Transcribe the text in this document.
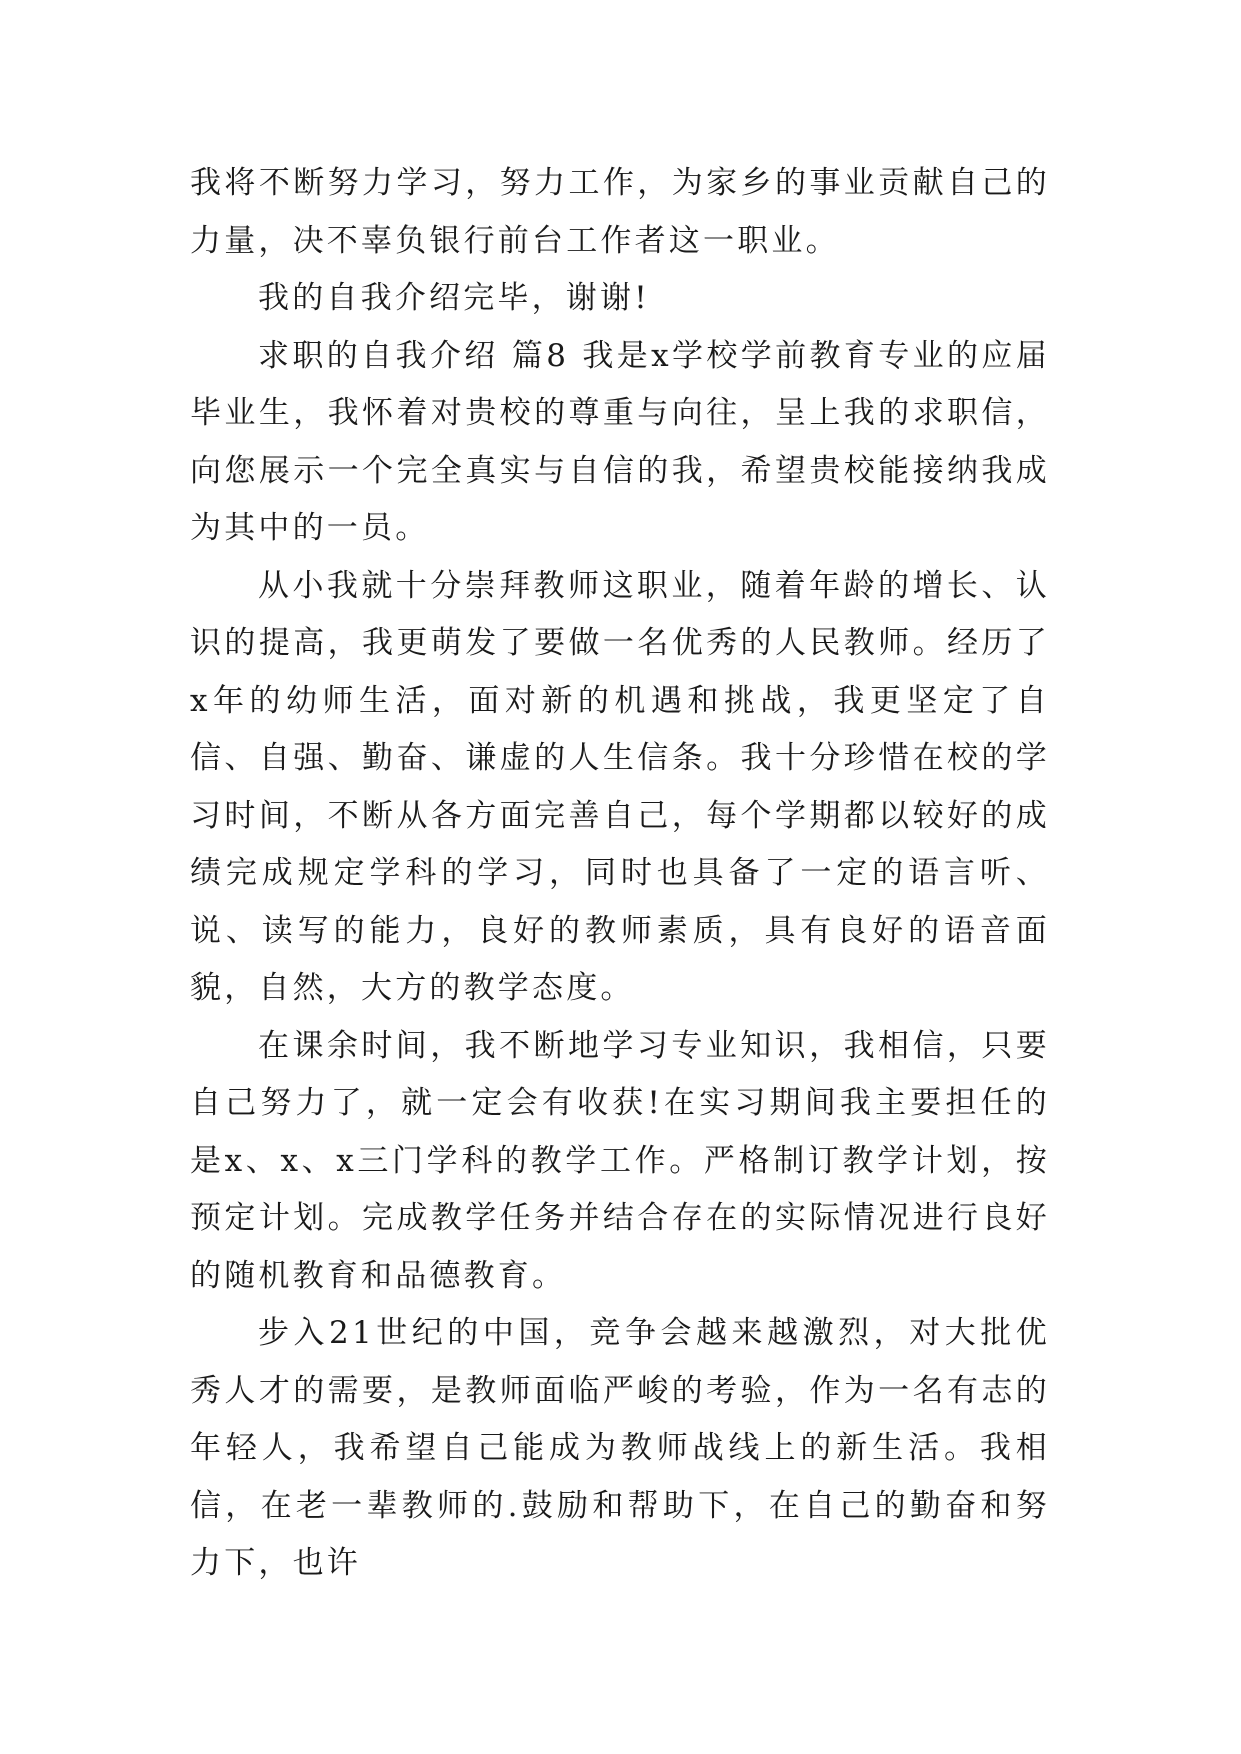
我将不断努力学习，努力工作，为家乡的事业贡献自己的力量，决不辜负银行前台工作者这一职业。

我的自我介绍完毕，谢谢!

求职的自我介绍 篇8 我是x学校学前教育专业的应届毕业生，我怀着对贵校的尊重与向往，呈上我的求职信，向您展示一个完全真实与自信的我，希望贵校能接纳我成为其中的一员。

从小我就十分崇拜教师这职业，随着年龄的增长、认识的提高，我更萌发了要做一名优秀的人民教师。经历了x年的幼师生活，面对新的机遇和挑战，我更坚定了自信、自强、勤奋、谦虚的人生信条。我十分珍惜在校的学习时间，不断从各方面完善自己，每个学期都以较好的成绩完成规定学科的学习，同时也具备了一定的语言听、说、读写的能力，良好的教师素质，具有良好的语音面貌，自然，大方的教学态度。

在课余时间，我不断地学习专业知识，我相信，只要自己努力了，就一定会有收获!在实习期间我主要担任的是x、x、x三门学科的教学工作。严格制订教学计划，按预定计划。完成教学任务并结合存在的实际情况进行良好的随机教育和品德教育。

步入21世纪的中国，竞争会越来越激烈，对大批优秀人才的需要，是教师面临严峻的考验，作为一名有志的年轻人，我希望自己能成为教师战线上的新生活。我相信，在老一辈教师的.鼓励和帮助下，在自己的勤奋和努力下，也许
